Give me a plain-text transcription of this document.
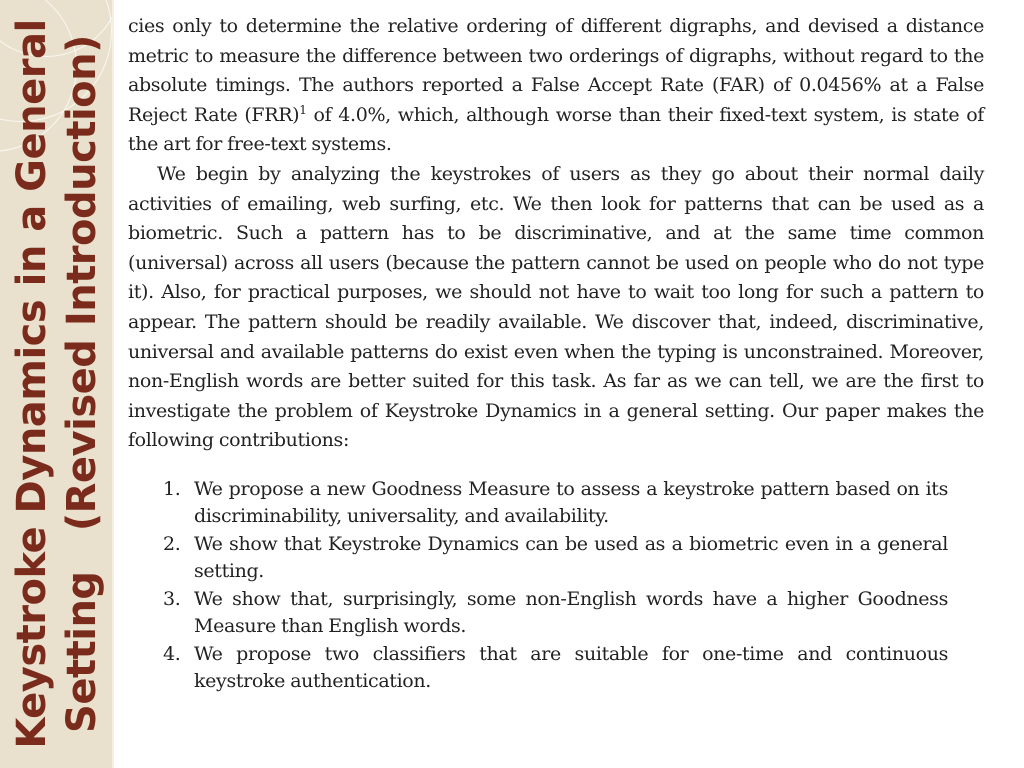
Keystroke Dynamics in a General Setting   (Revised Introduction)

cies only to determine the relative ordering of different digraphs, and devised a distance metric to measure the difference between two orderings of digraphs, without regard to the absolute timings. The authors reported a False Accept Rate (FAR) of 0.0456% at a False Reject Rate (FRR)$^1$ of 4.0%, which, although worse than their fixed-text system, is state of the art for free-text systems.

We begin by analyzing the keystrokes of users as they go about their normal daily activities of emailing, web surfing, etc. We then look for patterns that can be used as a biometric. Such a pattern has to be discriminative, and at the same time common (universal) across all users (because the pattern cannot be used on people who do not type it). Also, for practical purposes, we should not have to wait too long for such a pattern to appear. The pattern should be readily available. We discover that, indeed, discriminative, universal and available patterns do exist even when the typing is unconstrained. Moreover, non-English words are better suited for this task. As far as we can tell, we are the first to investigate the problem of Keystroke Dynamics in a general setting. Our paper makes the following contributions:

1. We propose a new Goodness Measure to assess a keystroke pattern based on its discriminability, universality, and availability.
2. We show that Keystroke Dynamics can be used as a biometric even in a general setting.
3. We show that, surprisingly, some non-English words have a higher Goodness Measure than English words.
4. We propose two classifiers that are suitable for one-time and continuous keystroke authentication.
